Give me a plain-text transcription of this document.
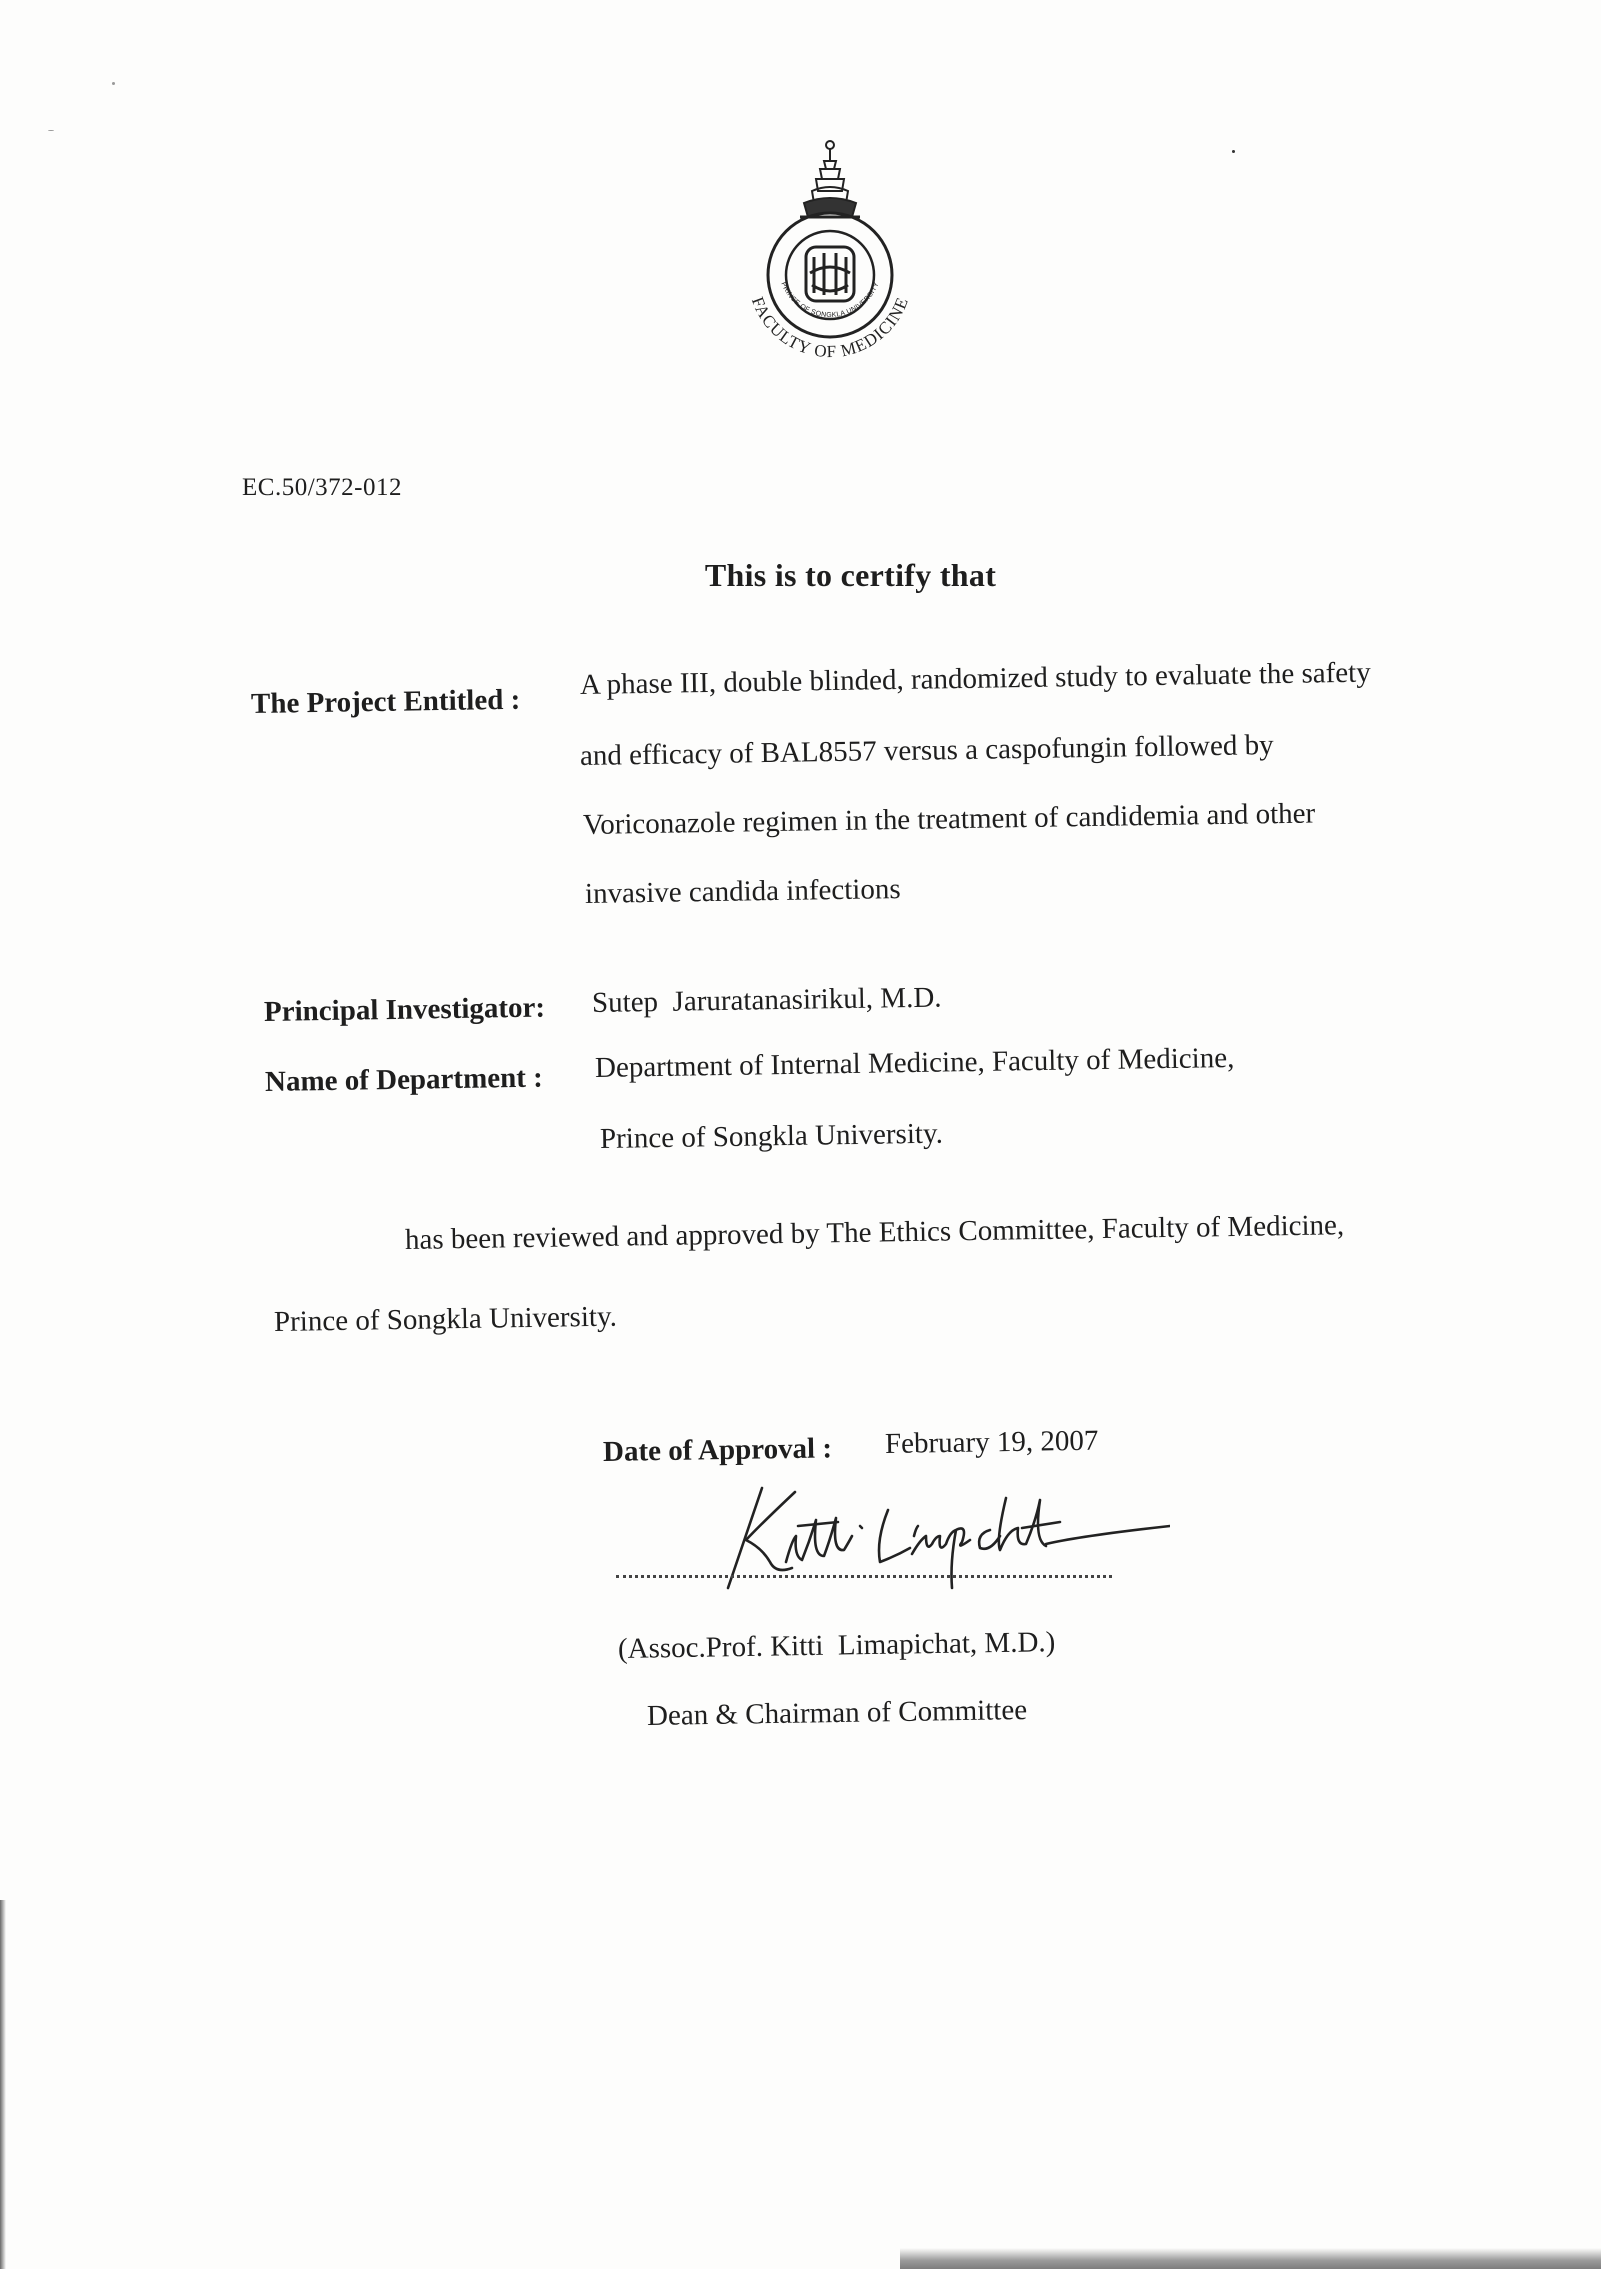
FACULTY OF MEDICINE
PRINCE OF SONGKLA UNIVERSITY
EC.50/372-012
This is to certify that
The Project Entitled :
A phase III, double blinded, randomized study to evaluate the safety
and efficacy of BAL8557 versus a caspofungin followed by
Voriconazole regimen in the treatment of candidemia and other
invasive candida infections
Principal Investigator: Sutep  Jaruratanasirikul, M.D.
Name of Department : Department of Internal Medicine, Faculty of Medicine,
Prince of Songkla University.
has been reviewed and approved by The Ethics Committee, Faculty of Medicine,
Prince of Songkla University.
Date of Approval : February 19, 2007
(Assoc.Prof. Kitti  Limapichat, M.D.)
Dean & Chairman of Committee
